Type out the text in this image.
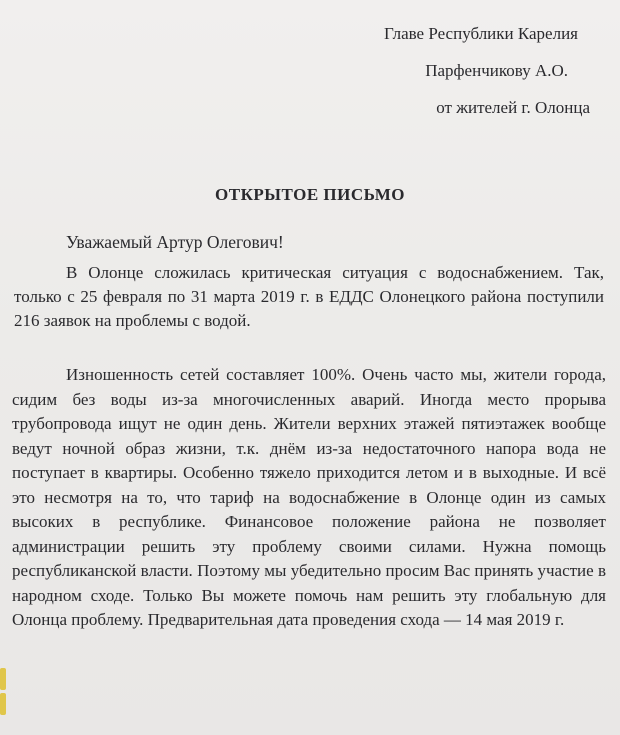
Главе Республики Карелия
Парфенчикову А.О.
от жителей г. Олонца
ОТКРЫТОЕ ПИСЬМО
Уважаемый Артур Олегович!

В Олонце сложилась критическая ситуация с водоснабжением. Так, только с 25 февраля по 31 марта 2019 г. в ЕДДС Олонецкого района поступили 216 заявок на проблемы с водой.

Изношенность сетей составляет 100%. Очень часто мы, жители города, сидим без воды из-за многочисленных аварий. Иногда место прорыва трубопровода ищут не один день. Жители верхних этажей пятиэтажек вообще ведут ночной образ жизни, т.к. днём из-за недостаточного напора вода не поступает в квартиры. Особенно тяжело приходится летом и в выходные. И всё это несмотря на то, что тариф на водоснабжение в Олонце один из самых высоких в республике. Финансовое положение района не позволяет администрации решить эту проблему своими силами. Нужна помощь республиканской власти. Поэтому мы убедительно просим Вас принять участие в народном сходе. Только Вы можете помочь нам решить эту глобальную для Олонца проблему. Предварительная дата проведения схода — 14 мая 2019 г.
